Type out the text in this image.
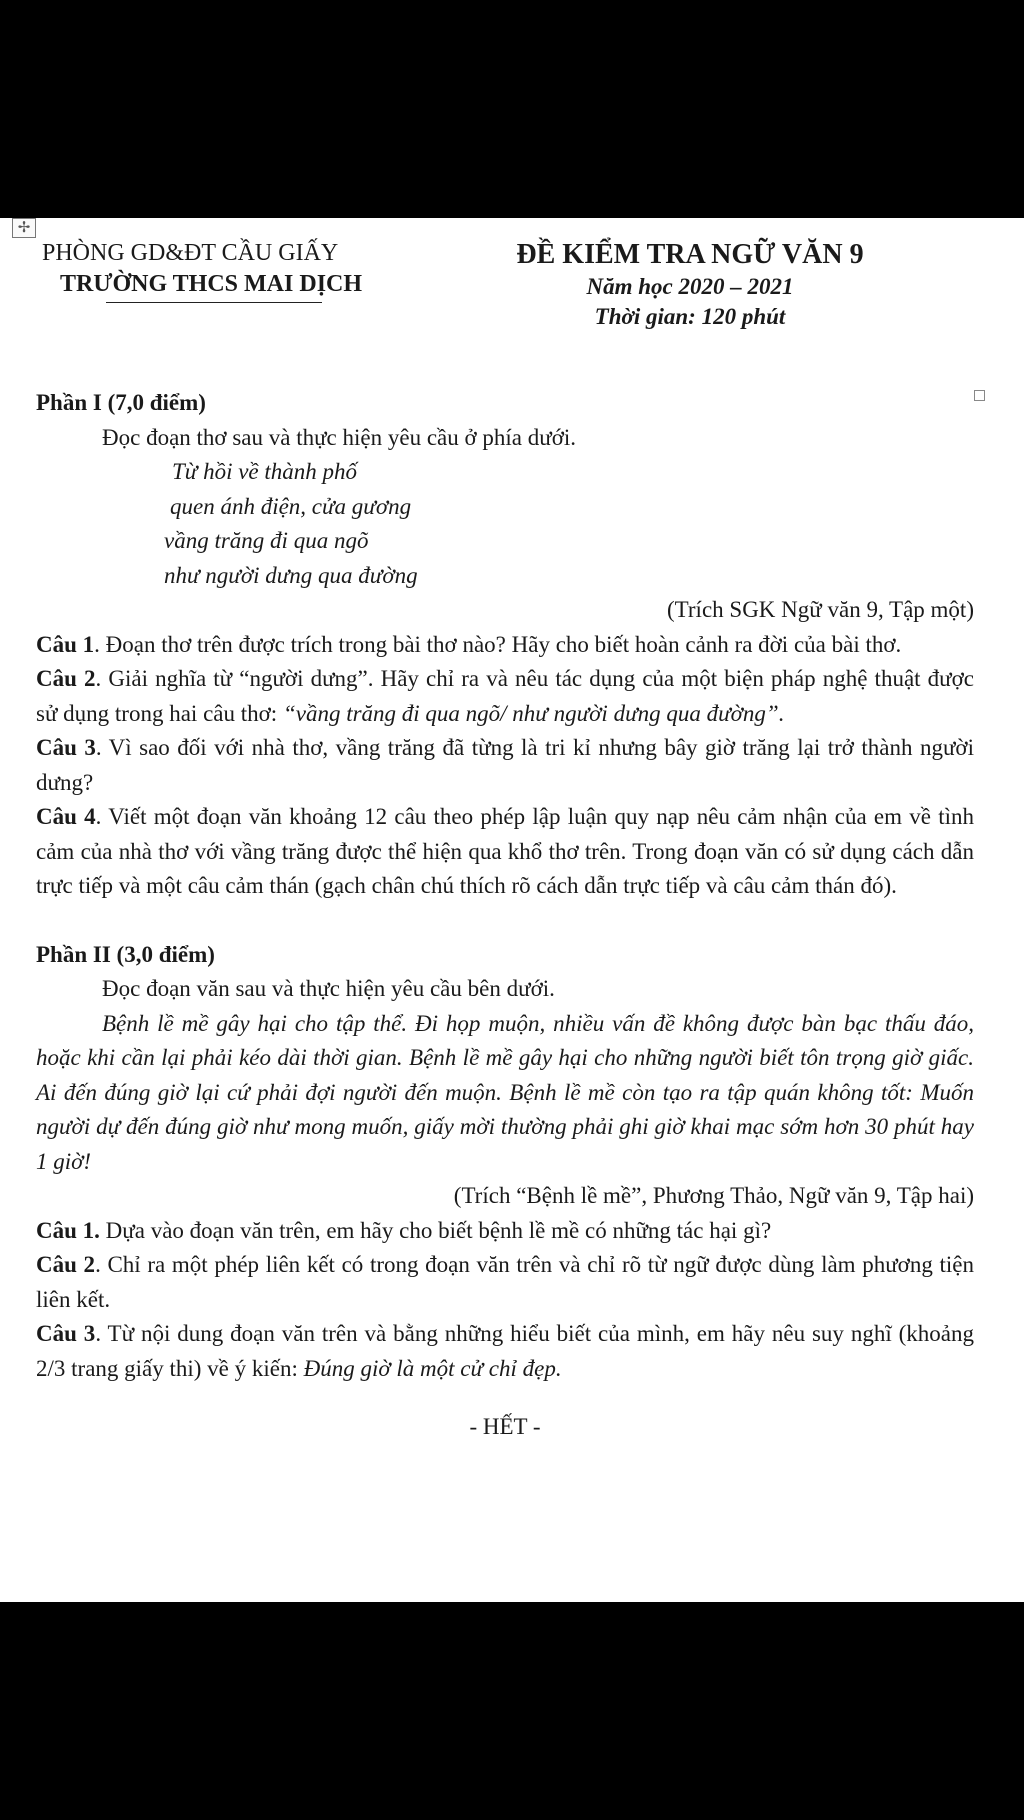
✢
PHÒNG GD&ĐT CẦU GIẤY
TRƯỜNG THCS MAI DỊCH
ĐỀ KIỂM TRA NGỮ VĂN 9
Năm học 2020 – 2021
Thời gian: 120 phút
Phần I (7,0 điểm)
Đọc đoạn thơ sau và thực hiện yêu cầu ở phía dưới.
Từ hồi về thành phố
quen ánh điện, cửa gương
vầng trăng đi qua ngõ
như người dưng qua đường
(Trích SGK Ngữ văn 9, Tập một)
Câu 1. Đoạn thơ trên được trích trong bài thơ nào? Hãy cho biết hoàn cảnh ra đời của bài thơ.
Câu 2. Giải nghĩa từ “người dưng”. Hãy chỉ ra và nêu tác dụng của một biện pháp nghệ thuật được sử dụng trong hai câu thơ: “vầng trăng đi qua ngõ/ như người dưng qua đường”.
Câu 3. Vì sao đối với nhà thơ, vầng trăng đã từng là tri kỉ nhưng bây giờ trăng lại trở thành người dưng?
Câu 4. Viết một đoạn văn khoảng 12 câu theo phép lập luận quy nạp nêu cảm nhận của em về tình cảm của nhà thơ với vầng trăng được thể hiện qua khổ thơ trên. Trong đoạn văn có sử dụng cách dẫn trực tiếp và một câu cảm thán (gạch chân chú thích rõ cách dẫn trực tiếp và câu cảm thán đó).
Phần II (3,0 điểm)
Đọc đoạn văn sau và thực hiện yêu cầu bên dưới.
Bệnh lề mề gây hại cho tập thể. Đi họp muộn, nhiều vấn đề không được bàn bạc thấu đáo, hoặc khi cần lại phải kéo dài thời gian. Bệnh lề mề gây hại cho những người biết tôn trọng giờ giấc. Ai đến đúng giờ lại cứ phải đợi người đến muộn. Bệnh lề mề còn tạo ra tập quán không tốt: Muốn người dự đến đúng giờ như mong muốn, giấy mời thường phải ghi giờ khai mạc sớm hơn 30 phút hay 1 giờ!
(Trích “Bệnh lề mề”, Phương Thảo, Ngữ văn 9, Tập hai)
Câu 1. Dựa vào đoạn văn trên, em hãy cho biết bệnh lề mề có những tác hại gì?
Câu 2. Chỉ ra một phép liên kết có trong đoạn văn trên và chỉ rõ từ ngữ được dùng làm phương tiện liên kết.
Câu 3. Từ nội dung đoạn văn trên và bằng những hiểu biết của mình, em hãy nêu suy nghĩ (khoảng 2/3 trang giấy thi) về ý kiến: Đúng giờ là một cử chỉ đẹp.
- HẾT -
